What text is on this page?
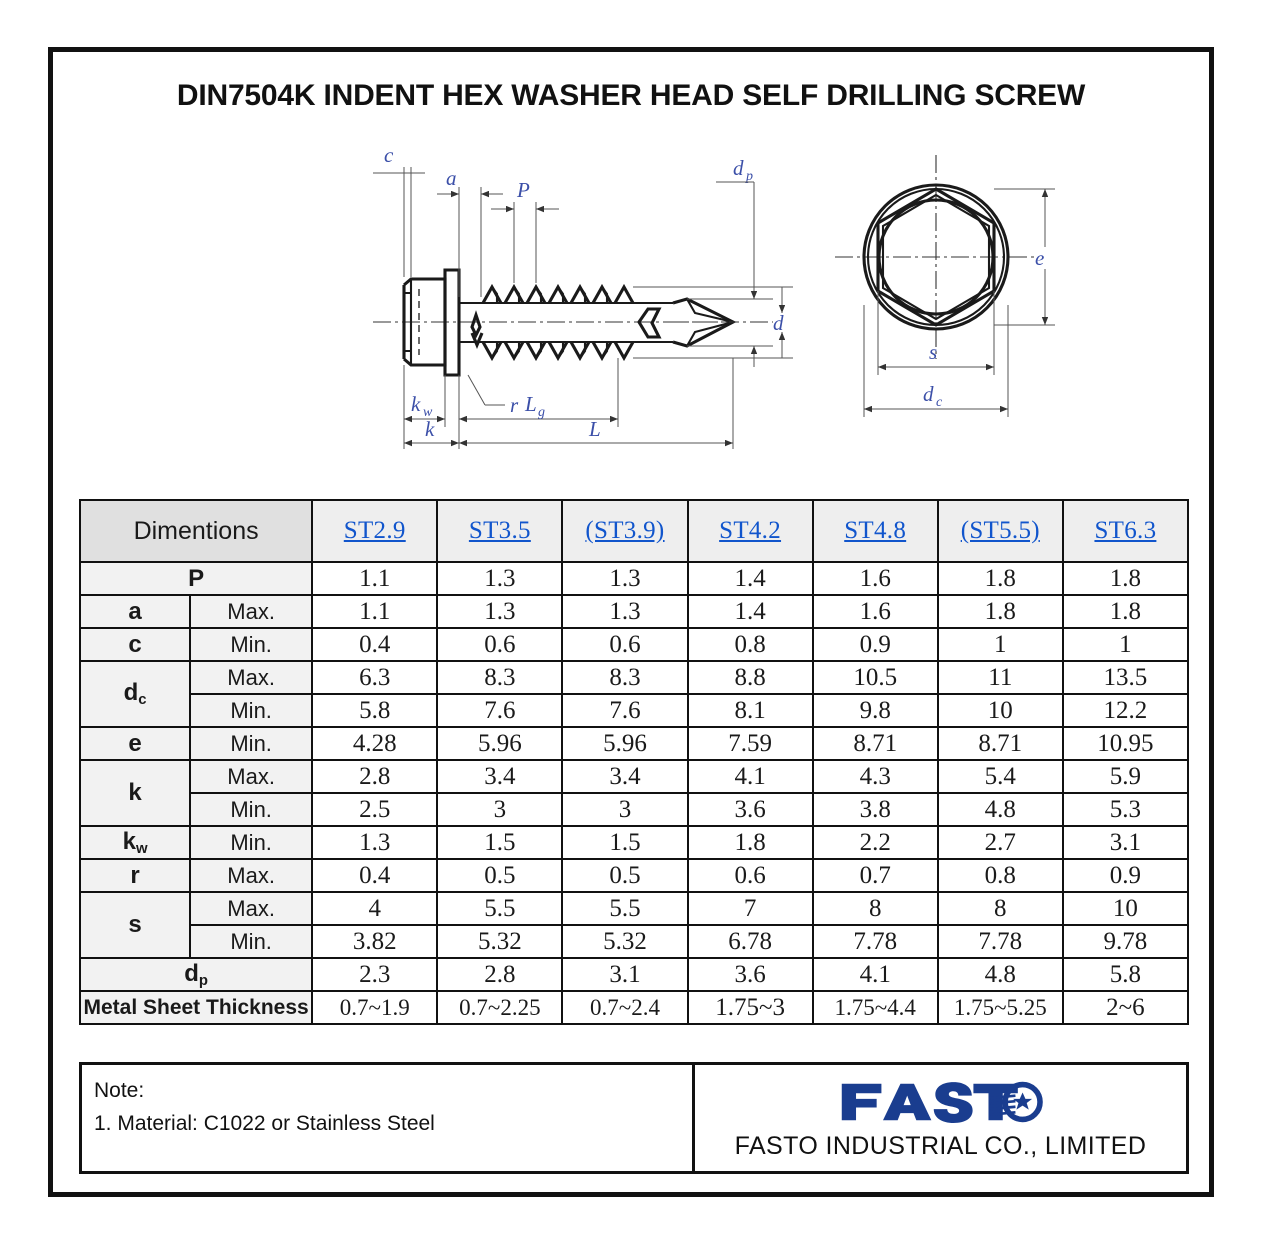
DIN7504K INDENT HEX WASHER HEAD SELF DRILLING SCREW
c
a	P
d p
d
r
k w	L g
k	L
e
s
d c
Dimentions		ST2.9	ST3.5	(ST3.9)	ST4.2	ST4.8	(ST5.5)	ST6.3
P		1.1	1.3	1.3	1.4	1.6	1.8	1.8
a	Max.	1.1	1.3	1.3	1.4	1.6	1.8	1.8
c	Min.	0.4	0.6	0.6	0.8	0.9	1	1
$d_c$	Max.	6.3	8.3	8.3	8.8	10.5	11	13.5
	Min.	5.8	7.6	7.6	8.1	9.8	10	12.2
e	Min.	4.28	5.96	5.96	7.59	8.71	8.71	10.95
k	Max.	2.8	3.4	3.4	4.1	4.3	5.4	5.9
	Min.	2.5	3	3	3.6	3.8	4.8	5.3
$k_w$	Min.	1.3	1.5	1.5	1.8	2.2	2.7	3.1
r	Max.	0.4	0.5	0.5	0.6	0.7	0.8	0.9
s	Max.	4	5.5	5.5	7	8	8	10
	Min.	3.82	5.32	5.32	6.78	7.78	7.78	9.78
$d_p$		2.3	2.8	3.1	3.6	4.1	4.8	5.8
Metal Sheet Thickness		0.7~1.9	0.7~2.25	0.7~2.4	1.75~3	1.75~4.4	1.75~5.25	2~6
Note:
1. Material: C1022 or Stainless Steel
FASTO INDUSTRIAL CO., LIMITED
